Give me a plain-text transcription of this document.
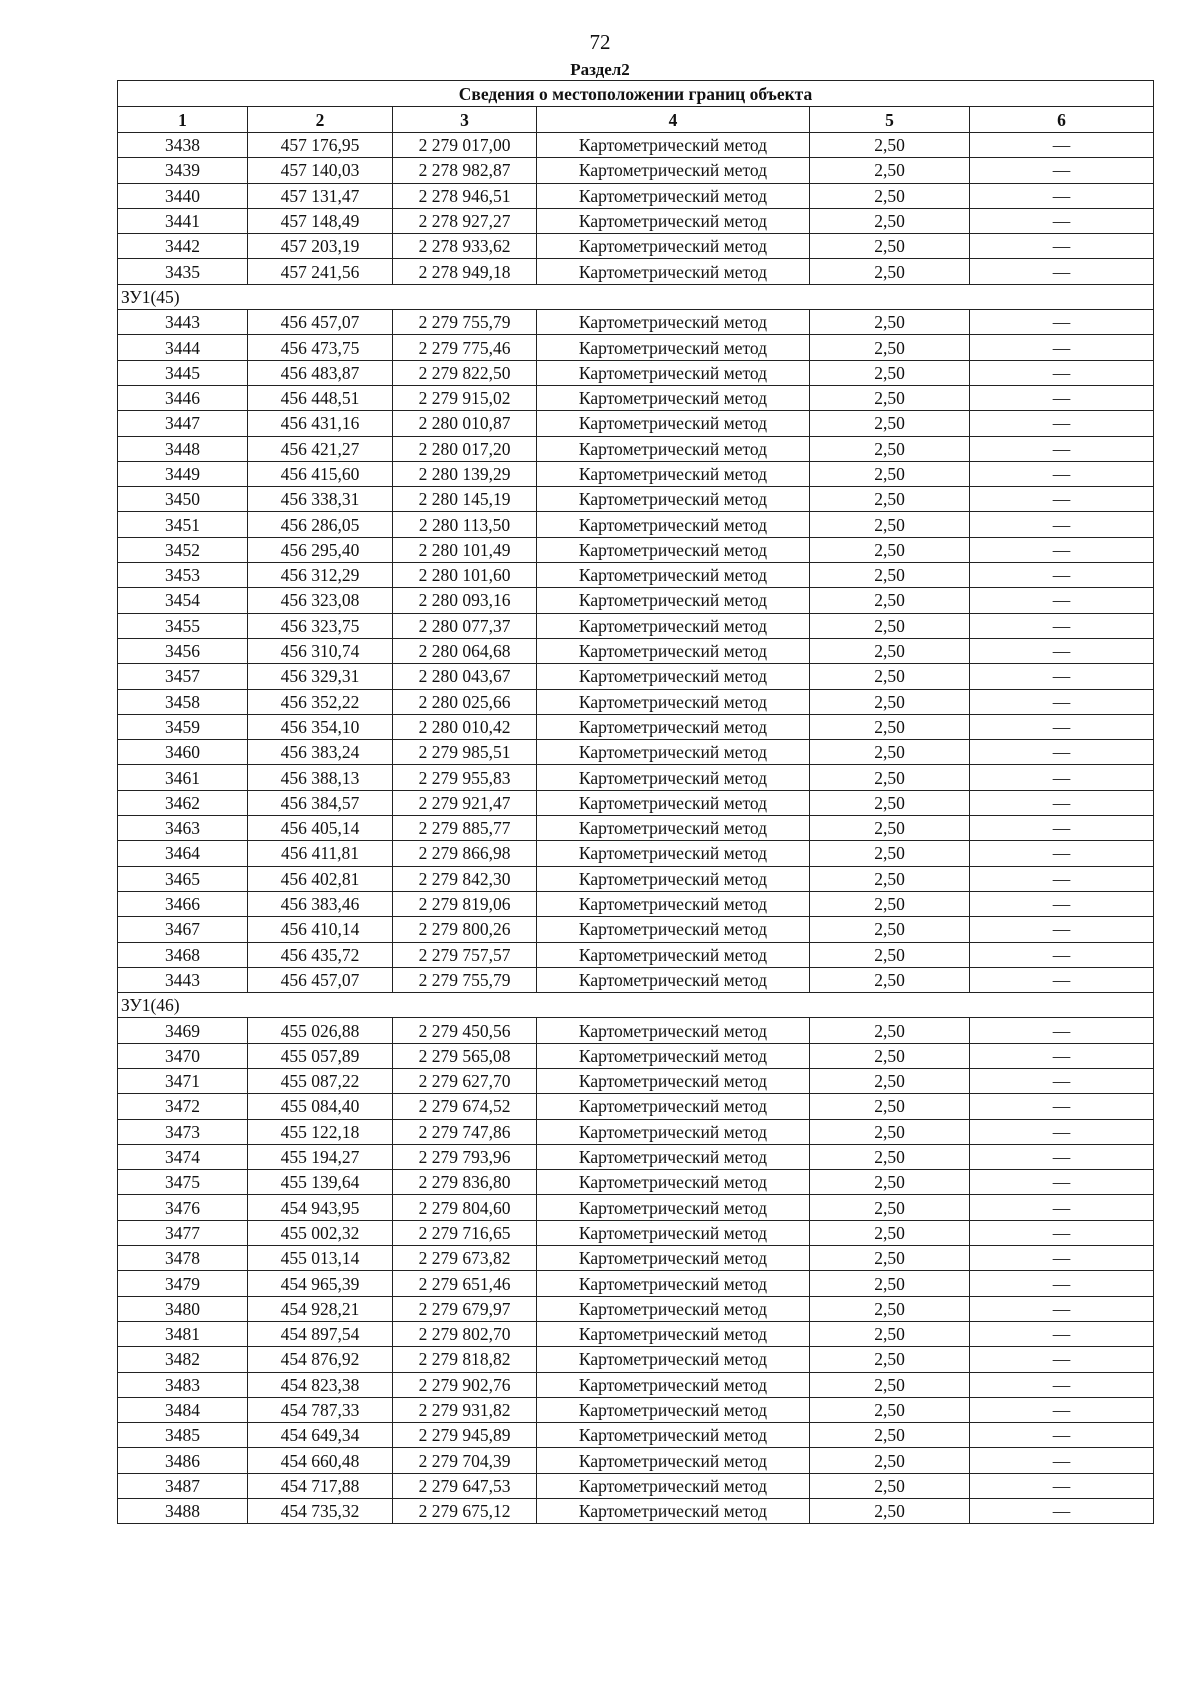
72
Раздел2
Сведения о местоположении границ объекта					
1	2	3	4	5	6
3438	457 176,95	2 279 017,00	Картометрический метод	2,50	—
3439	457 140,03	2 278 982,87	Картометрический метод	2,50	—
3440	457 131,47	2 278 946,51	Картометрический метод	2,50	—
3441	457 148,49	2 278 927,27	Картометрический метод	2,50	—
3442	457 203,19	2 278 933,62	Картометрический метод	2,50	—
3435	457 241,56	2 278 949,18	Картометрический метод	2,50	—
ЗУ1(45)					
3443	456 457,07	2 279 755,79	Картометрический метод	2,50	—
3444	456 473,75	2 279 775,46	Картометрический метод	2,50	—
3445	456 483,87	2 279 822,50	Картометрический метод	2,50	—
3446	456 448,51	2 279 915,02	Картометрический метод	2,50	—
3447	456 431,16	2 280 010,87	Картометрический метод	2,50	—
3448	456 421,27	2 280 017,20	Картометрический метод	2,50	—
3449	456 415,60	2 280 139,29	Картометрический метод	2,50	—
3450	456 338,31	2 280 145,19	Картометрический метод	2,50	—
3451	456 286,05	2 280 113,50	Картометрический метод	2,50	—
3452	456 295,40	2 280 101,49	Картометрический метод	2,50	—
3453	456 312,29	2 280 101,60	Картометрический метод	2,50	—
3454	456 323,08	2 280 093,16	Картометрический метод	2,50	—
3455	456 323,75	2 280 077,37	Картометрический метод	2,50	—
3456	456 310,74	2 280 064,68	Картометрический метод	2,50	—
3457	456 329,31	2 280 043,67	Картометрический метод	2,50	—
3458	456 352,22	2 280 025,66	Картометрический метод	2,50	—
3459	456 354,10	2 280 010,42	Картометрический метод	2,50	—
3460	456 383,24	2 279 985,51	Картометрический метод	2,50	—
3461	456 388,13	2 279 955,83	Картометрический метод	2,50	—
3462	456 384,57	2 279 921,47	Картометрический метод	2,50	—
3463	456 405,14	2 279 885,77	Картометрический метод	2,50	—
3464	456 411,81	2 279 866,98	Картометрический метод	2,50	—
3465	456 402,81	2 279 842,30	Картометрический метод	2,50	—
3466	456 383,46	2 279 819,06	Картометрический метод	2,50	—
3467	456 410,14	2 279 800,26	Картометрический метод	2,50	—
3468	456 435,72	2 279 757,57	Картометрический метод	2,50	—
3443	456 457,07	2 279 755,79	Картометрический метод	2,50	—
ЗУ1(46)					
3469	455 026,88	2 279 450,56	Картометрический метод	2,50	—
3470	455 057,89	2 279 565,08	Картометрический метод	2,50	—
3471	455 087,22	2 279 627,70	Картометрический метод	2,50	—
3472	455 084,40	2 279 674,52	Картометрический метод	2,50	—
3473	455 122,18	2 279 747,86	Картометрический метод	2,50	—
3474	455 194,27	2 279 793,96	Картометрический метод	2,50	—
3475	455 139,64	2 279 836,80	Картометрический метод	2,50	—
3476	454 943,95	2 279 804,60	Картометрический метод	2,50	—
3477	455 002,32	2 279 716,65	Картометрический метод	2,50	—
3478	455 013,14	2 279 673,82	Картометрический метод	2,50	—
3479	454 965,39	2 279 651,46	Картометрический метод	2,50	—
3480	454 928,21	2 279 679,97	Картометрический метод	2,50	—
3481	454 897,54	2 279 802,70	Картометрический метод	2,50	—
3482	454 876,92	2 279 818,82	Картометрический метод	2,50	—
3483	454 823,38	2 279 902,76	Картометрический метод	2,50	—
3484	454 787,33	2 279 931,82	Картометрический метод	2,50	—
3485	454 649,34	2 279 945,89	Картометрический метод	2,50	—
3486	454 660,48	2 279 704,39	Картометрический метод	2,50	—
3487	454 717,88	2 279 647,53	Картометрический метод	2,50	—
3488	454 735,32	2 279 675,12	Картометрический метод	2,50	—
